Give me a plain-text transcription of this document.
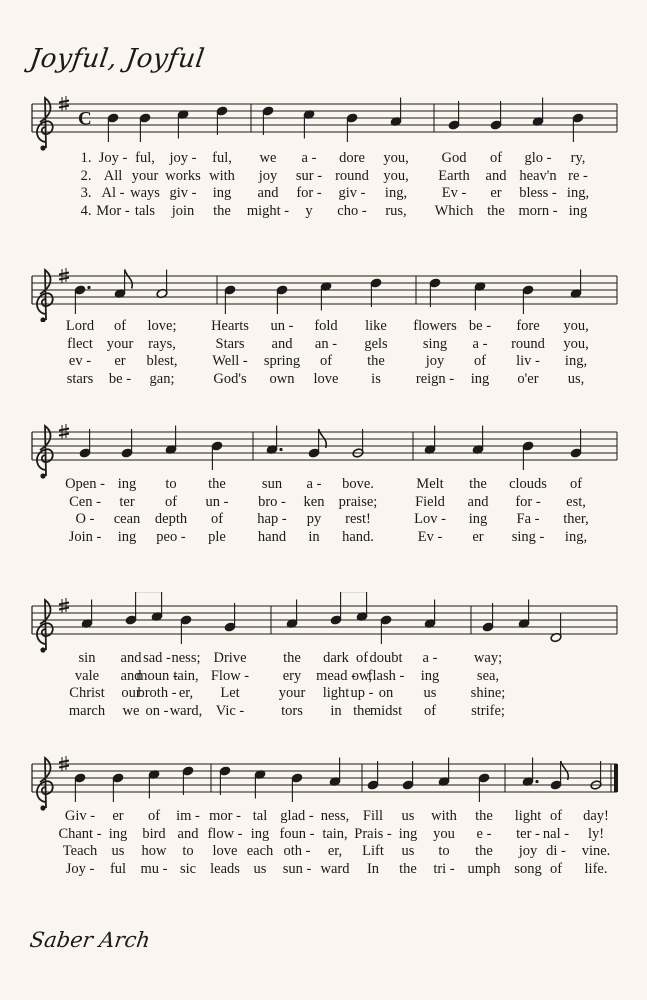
Joyful, Joyful
C
1. Joy - ful, joy - ful, we a - dore you, God of glo - ry,
2. All your works with joy sur - round you, Earth and heav'n re -
3. Al - ways giv - ing and for - giv - ing, Ev - er bless - ing,
4. Mor - tals join the might - y cho - rus, Which the morn - ing
Lord of love; Hearts un - fold like flowers be - fore you,
flect your rays,	Stars and an - gels sing a - round you,
ev - er blest, Well - spring of the	joy of liv - ing,
stars be - gan;	God's own love is reign - ing o'er us,
Open - ing to the sun a - bove.	Melt the clouds of
Cen - ter of un - bro - ken praise;	Field and for - est,
O - cean depth of hap - py rest!	Lov - ing Fa - ther,
Join - ing peo - ple hand in hand.	Ev - er sing - ing,
sin and sad - ness; Drive	the dark of doubt a -	way;
vale and
moun -
tain, Flow - ery mead -
ow,
flash - ing	sea,
Christ our
broth - er, Let	your light up - on us shine;
march we on - ward, Vic -	tors in the midst of strife;
Giv - er of im - mor - tal glad - ness, Fill us with the light of day!
Chant - ing bird and flow - ing foun - tain, Prais - ing you e - ter - nal - ly!
Teach us how to love each oth - er, Lift us to the joy di - vine.
Joy - ful mu - sic leads us sun - ward In the tri - umph song of life.
Saber Arch
